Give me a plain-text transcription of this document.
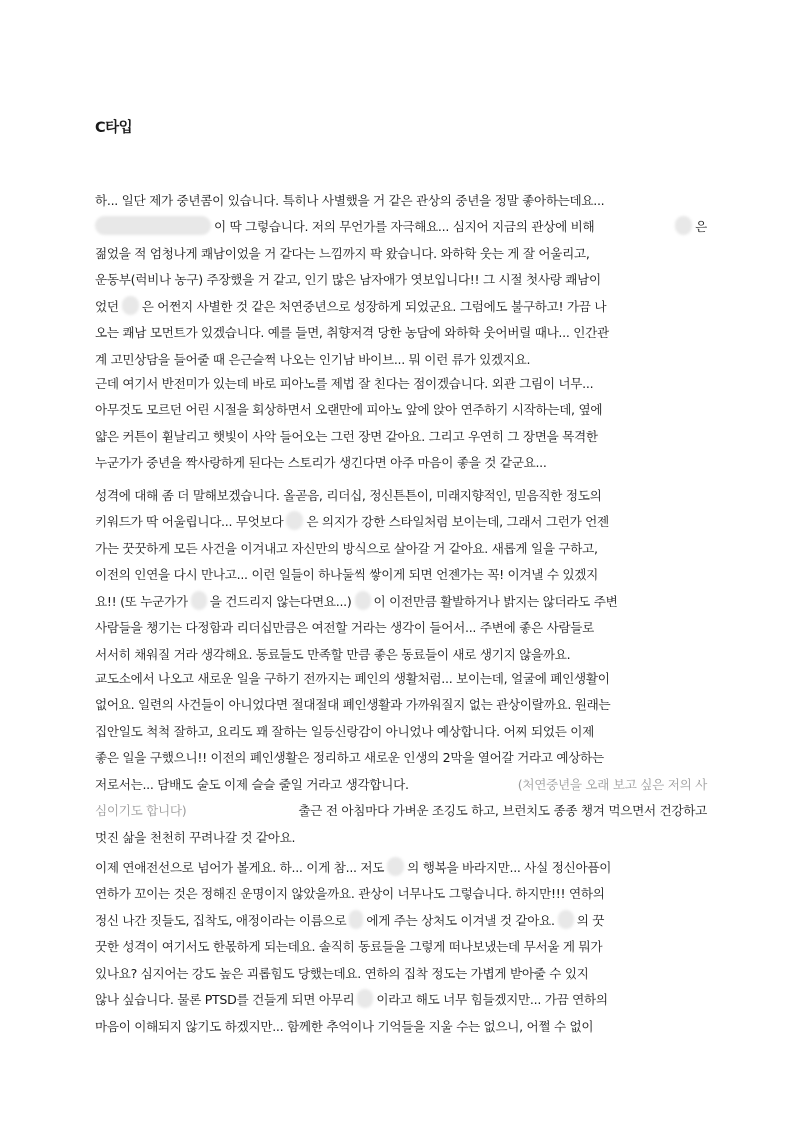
C타입
하... 일단 제가 중년콤이 있습니다. 특히나 사별했을 거 같은 관상의 중년을 정말 좋아하는데요...
이 딱 그렇습니다. 저의 무언가를 자극해요... 심지어 지금의 관상에 비해	은
젊었을 적 엄청나게 쾌남이었을 거 같다는 느낌까지 팍 왔습니다. 와하학 웃는 게 잘 어울리고,
운동부(럭비나 농구) 주장했을 거 같고, 인기 많은 남자애가 엿보입니다!! 그 시절 첫사랑 쾌남이
었던 은 어쩐지 사별한 것 같은 처연중년으로 성장하게 되었군요. 그럼에도 불구하고! 가끔 나
오는 쾌남 모먼트가 있겠습니다. 예를 들면, 취향저격 당한 농담에 와하학 웃어버릴 때나... 인간관
계 고민상담을 들어줄 때 은근슬쩍 나오는 인기남 바이브... 뭐 이런 류가 있겠지요.
근데 여기서 반전미가 있는데 바로 피아노를 제법 잘 친다는 점이겠습니다. 외관 그림이 너무...
아무것도 모르던 어린 시절을 회상하면서 오랜만에 피아노 앞에 앉아 연주하기 시작하는데, 옆에
얇은 커튼이 휟날리고 햇빛이 사악 들어오는 그런 장면 같아요. 그리고 우연히 그 장면을 목격한
누군가가 중년을 짝사랑하게 된다는 스토리가 생긴다면 아주 마음이 좋을 것 같군요...
성격에 대해 좀 더 말해보겠습니다. 올곧음, 리더십, 정신튼튼이, 미래지향적인, 믿음직한 정도의
키워드가 딱 어울립니다... 무엇보다 은 의지가 강한 스타일처럼 보이는데, 그래서 그런가 언젠
가는 꿋꿋하게 모든 사건을 이겨내고 자신만의 방식으로 살아갈 거 같아요. 새롭게 일을 구하고,
이전의 인연을 다시 만나고... 이런 일들이 하나둘씩 쌓이게 되면 언젠가는 꼭! 이겨낼 수 있겠지
요!! (또 누군가가 을 건드리지 않는다면요...) 이 이전만큼 활발하거나 밝지는 않더라도 주변
사람들을 챙기는 다정함과 리더십만큼은 여전할 거라는 생각이 들어서... 주변에 좋은 사람들로
서서히 채워질 거라 생각해요. 동료들도 만족할 만큼 좋은 동료들이 새로 생기지 않을까요.
교도소에서 나오고 새로운 일을 구하기 전까지는 폐인의 생활처럼... 보이는데, 얼굴에 폐인생활이
없어요. 일련의 사건들이 아니었다면 절대절대 폐인생활과 가까워질지 없는 관상이랄까요. 원래는
집안일도 척척 잘하고, 요리도 꽤 잘하는 일등신랑감이 아니었나 예상합니다. 어찌 되었든 이제
좋은 일을 구했으니!! 이전의 폐인생활은 정리하고 새로운 인생의 2막을 열어갈 거라고 예상하는
저로서는... 담배도 술도 이제 슬슬 줄일 거라고 생각합니다.	(처연중년을 오래 보고 싶은 저의 사
심이기도 합니다)	출근 전 아침마다 가벼운 조깅도 하고, 브런치도 종종 챙겨 먹으면서 건강하고
멋진 삶을 천천히 꾸려나갈 것 같아요.
이제 연애전선으로 넘어가 볼게요. 하... 이게 참... 저도 의 행복을 바라지만... 사실 정신아픔이
연하가 꼬이는 것은 정해진 운명이지 않았을까요. 관상이 너무나도 그렇습니다. 하지만!!! 연하의
정신 나간 짓들도, 집착도, 애정이라는 이름으로 에게 주는 상처도 이겨낼 것 같아요. 의 꿋
꿋한 성격이 여기서도 한몫하게 되는데요. 솔직히 동료들을 그렇게 떠나보냈는데 무서울 게 뭐가
있나요? 심지어는 강도 높은 괴롭힘도 당했는데요. 연하의 집착 정도는 가볍게 받아줄 수 있지
않나 싶습니다. 물론 PTSD를 건들게 되면 아무리 이라고 해도 너무 힘들겠지만... 가끔 연하의
마음이 이해되지 않기도 하겠지만... 함께한 추억이나 기억들을 지울 수는 없으니, 어쩔 수 없이
